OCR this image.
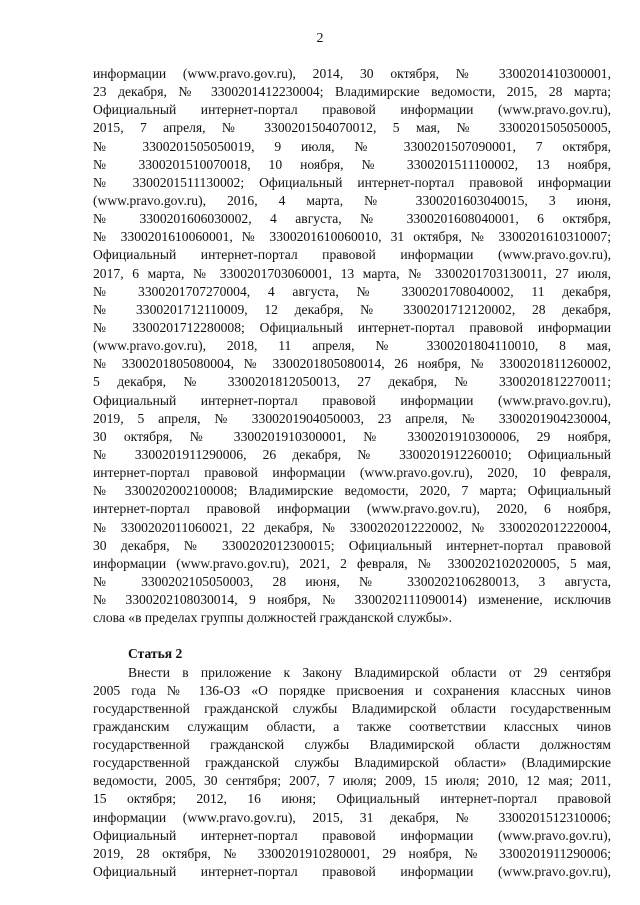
2
информации (www.pravo.gov.ru), 2014, 30 октября, № 3300201410300001,
23 декабря, № 3300201412230004; Владимирские ведомости, 2015, 28 марта;
Официальный интернет-портал правовой информации (www.pravo.gov.ru),
2015, 7 апреля, № 3300201504070012, 5 мая, № 3300201505050005,
№ 3300201505050019, 9 июля, № 3300201507090001, 7 октября,
№ 3300201510070018, 10 ноября, № 3300201511100002, 13 ноября,
№ 3300201511130002; Официальный интернет-портал правовой информации
(www.pravo.gov.ru), 2016, 4 марта, № 3300201603040015, 3 июня,
№ 3300201606030002, 4 августа, № 3300201608040001, 6 октября,
№ 3300201610060001, № 3300201610060010, 31 октября, № 3300201610310007;
Официальный интернет-портал правовой информации (www.pravo.gov.ru),
2017, 6 марта, № 3300201703060001, 13 марта, № 3300201703130011, 27 июля,
№ 3300201707270004, 4 августа, № 3300201708040002, 11 декабря,
№ 3300201712110009, 12 декабря, № 3300201712120002, 28 декабря,
№ 3300201712280008; Официальный интернет-портал правовой информации
(www.pravo.gov.ru), 2018, 11 апреля, № 3300201804110010, 8 мая,
№ 3300201805080004, № 3300201805080014, 26 ноября, № 3300201811260002,
5 декабря, № 3300201812050013, 27 декабря, № 3300201812270011;
Официальный интернет-портал правовой информации (www.pravo.gov.ru),
2019, 5 апреля, № 3300201904050003, 23 апреля, № 3300201904230004,
30 октября, № 3300201910300001, № 3300201910300006, 29 ноября,
№ 3300201911290006, 26 декабря, № 3300201912260010; Официальный
интернет-портал правовой информации (www.pravo.gov.ru), 2020, 10 февраля,
№ 3300202002100008; Владимирские ведомости, 2020, 7 марта; Официальный
интернет-портал правовой информации (www.pravo.gov.ru), 2020, 6 ноября,
№ 3300202011060021, 22 декабря, № 3300202012220002, № 3300202012220004,
30 декабря, № 3300202012300015; Официальный интернет-портал правовой
информации (www.pravo.gov.ru), 2021, 2 февраля, № 3300202102020005, 5 мая,
№ 3300202105050003, 28 июня, № 3300202106280013, 3 августа,
№ 3300202108030014, 9 ноября, № 3300202111090014) изменение, исключив
слова «в пределах группы должностей гражданской службы».
Статья 2
Внести в приложение к Закону Владимирской области от 29 сентября
2005 года № 136-ОЗ «О порядке присвоения и сохранения классных чинов
государственной гражданской службы Владимирской области государственным
гражданским служащим области, а также соответствии классных чинов
государственной гражданской службы Владимирской области должностям
государственной гражданской службы Владимирской области» (Владимирские
ведомости, 2005, 30 сентября; 2007, 7 июля; 2009, 15 июля; 2010, 12 мая; 2011,
15 октября; 2012, 16 июня; Официальный интернет-портал правовой
информации (www.pravo.gov.ru), 2015, 31 декабря, № 3300201512310006;
Официальный интернет-портал правовой информации (www.pravo.gov.ru),
2019, 28 октября, № 3300201910280001, 29 ноября, № 3300201911290006;
Официальный интернет-портал правовой информации (www.pravo.gov.ru),
